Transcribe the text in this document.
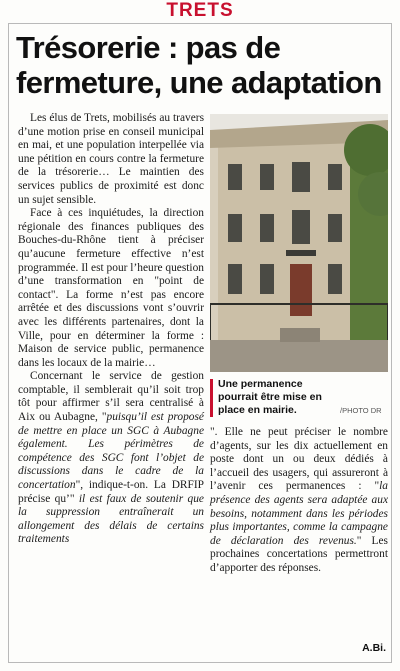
TRETS
Trésorerie : pas de
fermeture, une adaptation

Les élus de Trets, mobilisés au travers d’une motion prise en conseil municipal en mai, et une population interpellée via une pétition en cours contre la fermeture de la trésorerie… Le maintien des services publics de proximité est donc un sujet sensible.

Face à ces inquiétudes, la direction régionale des finances publiques des Bouches-du-Rhône tient à préciser qu’aucune fermeture effective n’est programmée. Il est pour l’heure question d’une transformation en "point de contact". La forme n’est pas encore arrêtée et des discussions vont s’ouvrir avec les différents partenaires, dont la Ville, pour en déterminer la forme : Maison de service public, permanence dans les locaux de la mairie…

Concernant le service de gestion comptable, il semblerait qu’il soit trop tôt pour affirmer s’il sera centralisé à Aix ou Aubagne, "puisqu’il est proposé de mettre en place un SGC à Aubagne également. Les périmètres de compétence des SGC font l’objet de discussions dans le cadre de la concertation", indique-t-on. La DRFIP précise qu’" il est faux de soutenir que la suppression entraînerait un allongement des délais de certains traitements

Une permanence pourrait être mise en place en mairie.	/PHOTO DR

". Elle ne peut préciser le nombre d’agents, sur les dix actuellement en poste dont un ou deux dédiés à l’accueil des usagers, qui assureront à l’avenir ces permanences : "la présence des agents sera adaptée aux besoins, notamment dans les périodes plus importantes, comme la campagne de déclaration des revenus." Les prochaines concertations permettront d’apporter des réponses.

A.Bi.
